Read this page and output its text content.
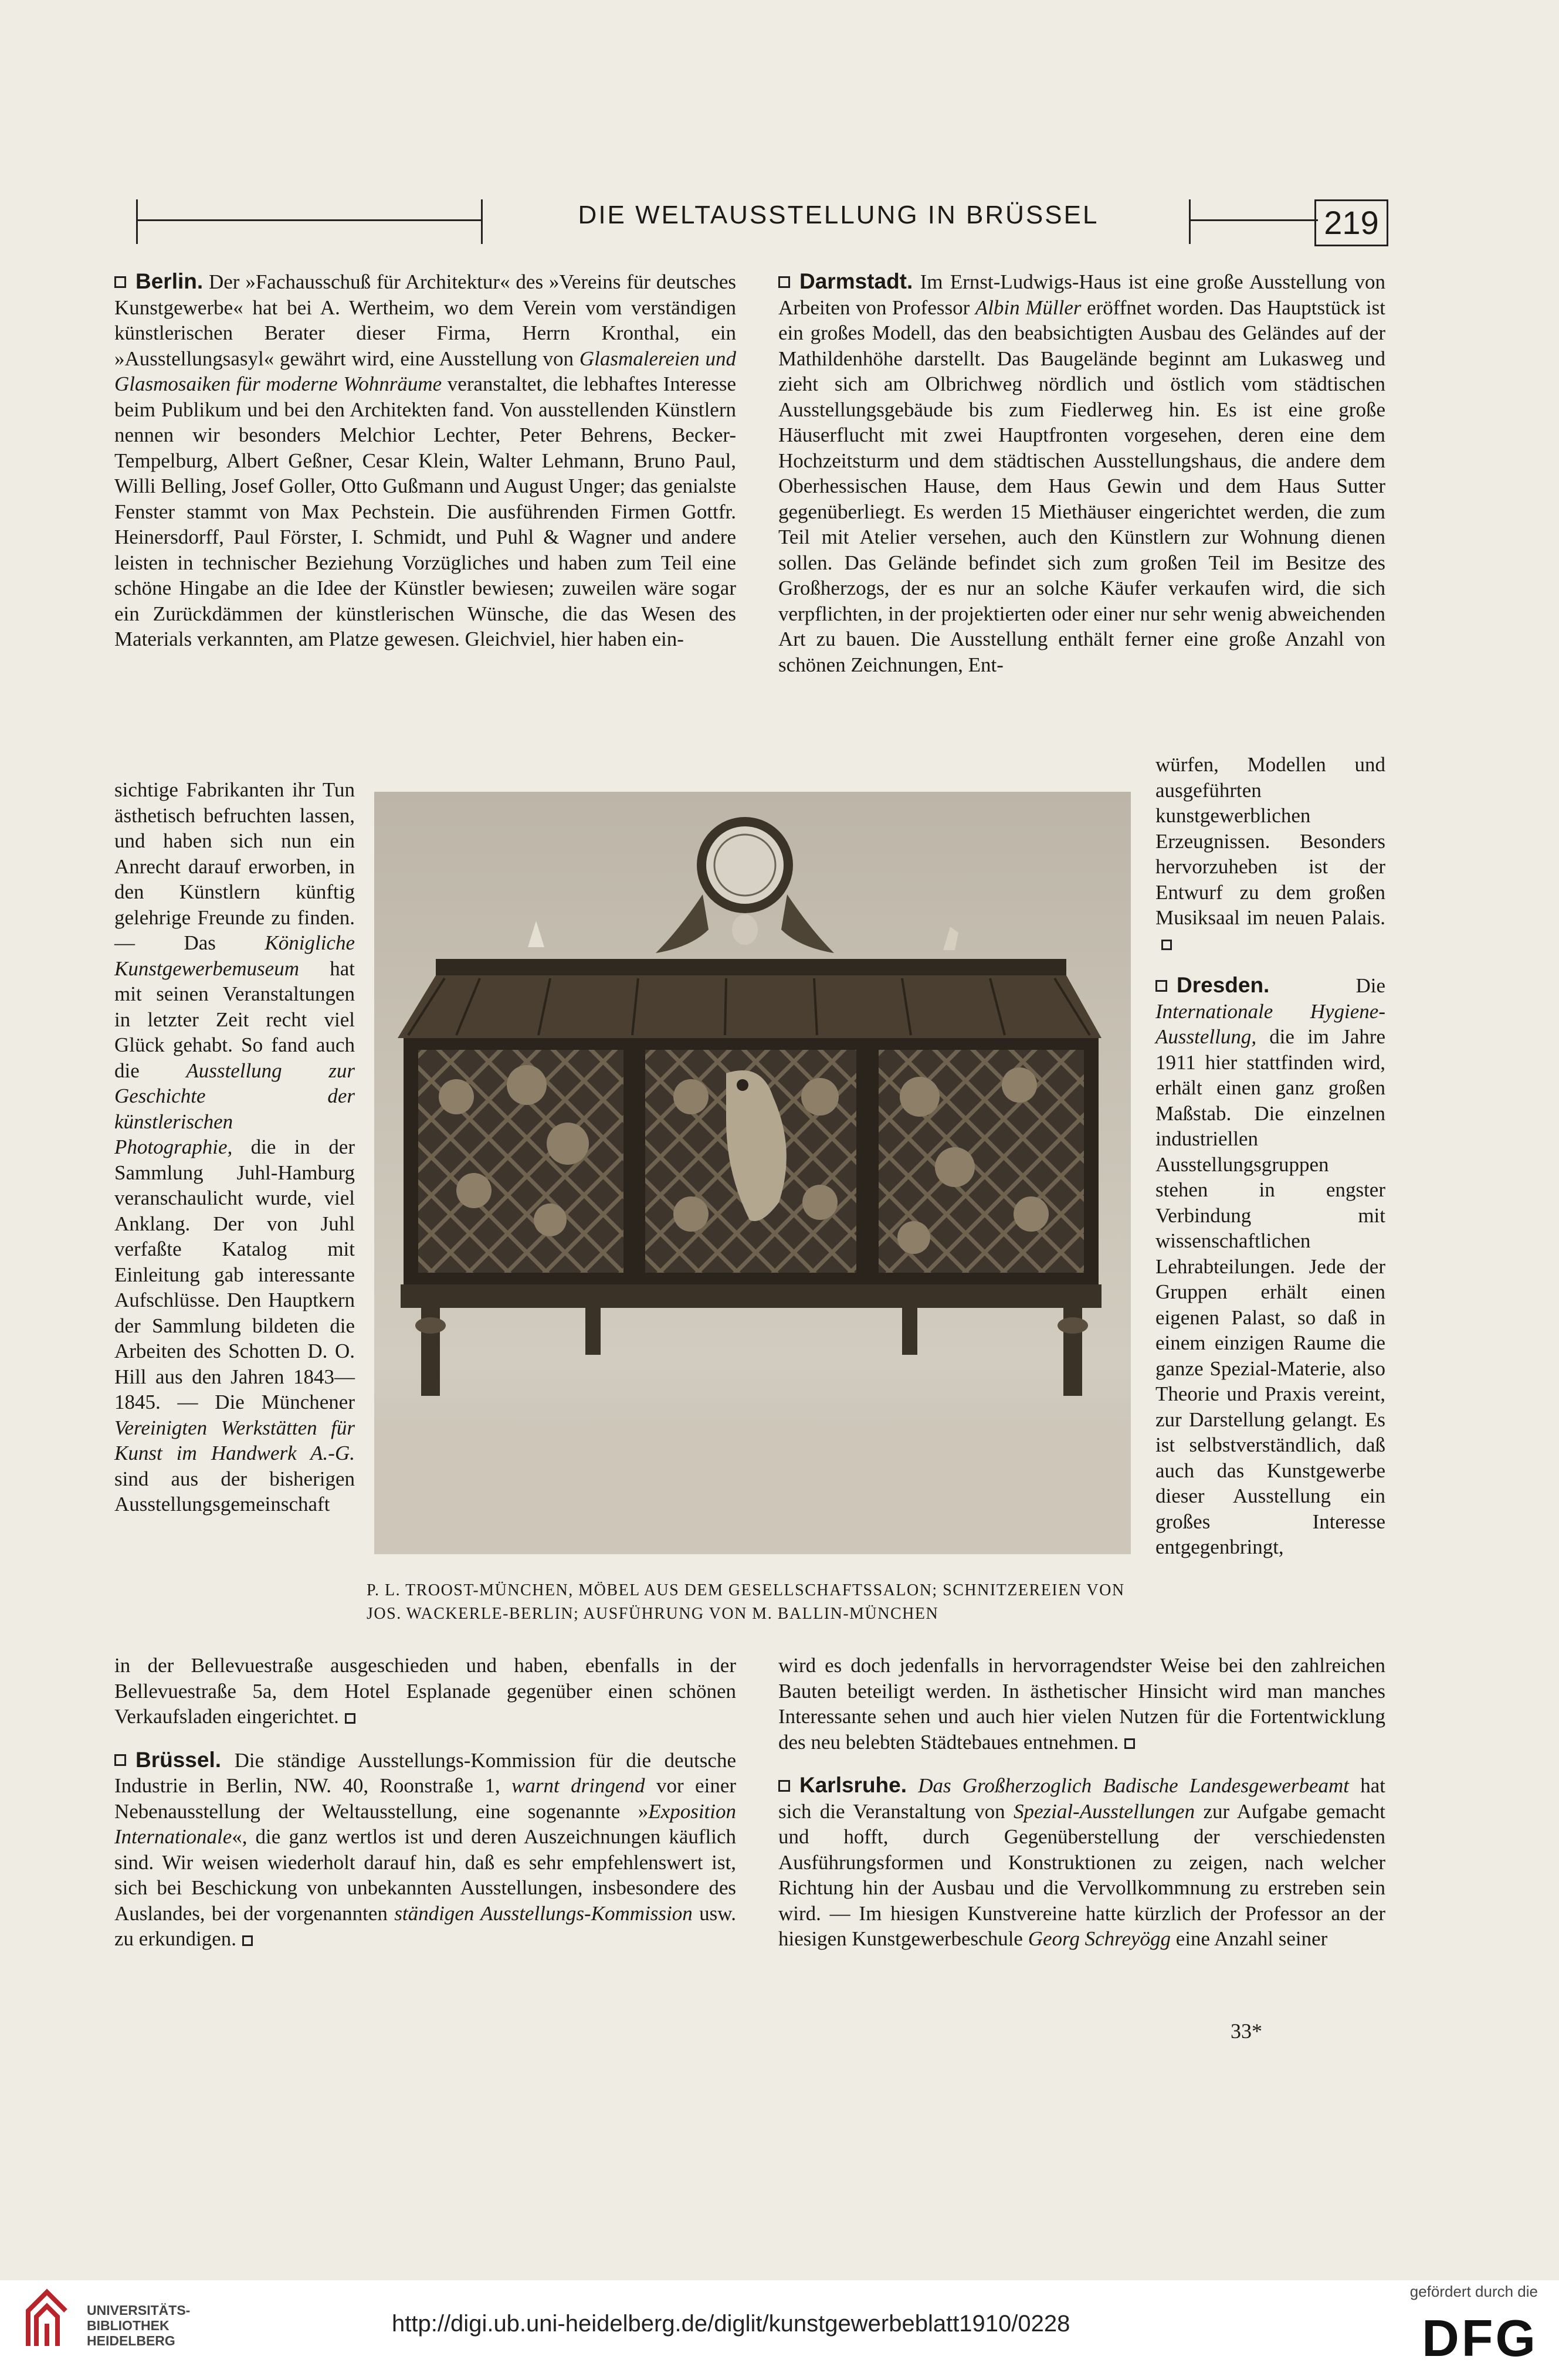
DIE WELTAUSSTELLUNG IN BRÜSSEL	219

Berlin. Der »Fachausschuß für Architektur« des »Vereins für deutsches Kunstgewerbe« hat bei A. Wertheim, wo dem Verein vom verständigen künstlerischen Berater dieser Firma, Herrn Kronthal, ein »Ausstellungsasyl« gewährt wird, eine Ausstellung von Glasmalereien und Glasmosaiken für moderne Wohnräume veranstaltet, die lebhaftes Interesse beim Publikum und bei den Architekten fand. Von ausstellenden Künstlern nennen wir besonders Melchior Lechter, Peter Behrens, Becker-Tempelburg, Albert Geßner, Cesar Klein, Walter Lehmann, Bruno Paul, Willi Belling, Josef Goller, Otto Gußmann und August Unger; das genialste Fenster stammt von Max Pechstein. Die ausführenden Firmen Gottfr. Heinersdorff, Paul Förster, I. Schmidt, und Puhl & Wagner und andere leisten in technischer Beziehung Vorzügliches und haben zum Teil eine schöne Hingabe an die Idee der Künstler bewiesen; zuweilen wäre sogar ein Zurückdämmen der künstlerischen Wünsche, die das Wesen des Materials verkannten, am Platze gewesen. Gleichviel, hier haben ein-

Darmstadt. Im Ernst-Ludwigs-Haus ist eine große Ausstellung von Arbeiten von Professor Albin Müller eröffnet worden. Das Hauptstück ist ein großes Modell, das den beabsichtigten Ausbau des Geländes auf der Mathildenhöhe darstellt. Das Baugelände beginnt am Lukasweg und zieht sich am Olbrichweg nördlich und östlich vom städtischen Ausstellungsgebäude bis zum Fiedlerweg hin. Es ist eine große Häuserflucht mit zwei Hauptfronten vorgesehen, deren eine dem Hochzeitsturm und dem städtischen Ausstellungshaus, die andere dem Oberhessischen Hause, dem Haus Gewin und dem Haus Sutter gegenüberliegt. Es werden 15 Miethäuser eingerichtet werden, die zum Teil mit Atelier versehen, auch den Künstlern zur Wohnung dienen sollen. Das Gelände befindet sich zum großen Teil im Besitze des Großherzogs, der es nur an solche Käufer verkaufen wird, die sich verpflichten, in der projektierten oder einer nur sehr wenig abweichenden Art zu bauen. Die Ausstellung enthält ferner eine große Anzahl von schönen Zeichnungen, Ent-

sichtige Fabrikanten ihr Tun ästhetisch befruchten lassen, und haben sich nun ein Anrecht darauf erworben, in den Künstlern künftig gelehrige Freunde zu finden. — Das Königliche Kunstgewerbemuseum hat mit seinen Veranstaltungen in letzter Zeit recht viel Glück gehabt. So fand auch die Ausstellung zur Geschichte der künstlerischen Photographie, die in der Sammlung Juhl-Hamburg veranschaulicht wurde, viel Anklang. Der von Juhl verfaßte Katalog mit Einleitung gab interessante Aufschlüsse. Den Hauptkern der Sammlung bildeten die Arbeiten des Schotten D. O. Hill aus den Jahren 1843—1845. — Die Münchener Vereinigten Werkstätten für Kunst im Handwerk A.-G. sind aus der bisherigen Ausstellungsgemeinschaft

P. L. TROOST-MÜNCHEN, MÖBEL AUS DEM GESELLSCHAFTSSALON; SCHNITZEREIEN VON JOS. WACKERLE-BERLIN; AUSFÜHRUNG VON M. BALLIN-MÜNCHEN

würfen, Modellen und ausgeführten kunstgewerblichen Erzeugnissen. Besonders hervorzuheben ist der Entwurf zu dem großen Musiksaal im neuen Palais.

Dresden.	Die Internationale Hygiene-Ausstellung, die im Jahre 1911 hier stattfinden wird, erhält einen ganz großen Maßstab. Die einzelnen industriellen Ausstellungsgruppen stehen in engster Verbindung mit wissenschaftlichen Lehrabteilungen. Jede der Gruppen erhält einen eigenen Palast, so daß in einem einzigen Raume die ganze Spezial-Materie, also Theorie und Praxis vereint, zur Darstellung gelangt. Es ist selbstverständlich, daß auch das Kunstgewerbe dieser Ausstellung ein großes Interesse entgegenbringt,

in der Bellevuestraße ausgeschieden und haben, ebenfalls in der Bellevuestraße 5a, dem Hotel Esplanade gegenüber einen schönen Verkaufsladen eingerichtet.

Brüssel. Die ständige Ausstellungs-Kommission für die deutsche Industrie in Berlin, NW. 40, Roonstraße 1, warnt dringend vor einer Nebenausstellung der Weltausstellung, eine sogenannte »Exposition Internationale«, die ganz wertlos ist und deren Auszeichnungen käuflich sind. Wir weisen wiederholt darauf hin, daß es sehr empfehlenswert ist, sich bei Beschickung von unbekannten Ausstellungen, insbesondere des Auslandes, bei der vorgenannten ständigen Ausstellungs-Kommission usw. zu erkundigen.

wird es doch jedenfalls in hervorragendster Weise bei den zahlreichen Bauten beteiligt werden. In ästhetischer Hinsicht wird man manches Interessante sehen und auch hier vielen Nutzen für die Fortentwicklung des neu belebten Städtebaues entnehmen.

Karlsruhe. Das Großherzoglich Badische Landesgewerbeamt hat sich die Veranstaltung von Spezial-Ausstellungen zur Aufgabe gemacht und hofft, durch Gegenüberstellung der verschiedensten Ausführungsformen und Konstruktionen zu zeigen, nach welcher Richtung hin der Ausbau und die Vervollkommnung zu erstreben sein wird. — Im hiesigen Kunstvereine hatte kürzlich der Professor an der hiesigen Kunstgewerbeschule Georg Schreyögg eine Anzahl seiner

33*
UNIVERSITÄTS-
BIBLIOTHEK
HEIDELBERG
http://digi.ub.uni-heidelberg.de/diglit/kunstgewerbeblatt1910/0228
gefördert durch die
DFG
